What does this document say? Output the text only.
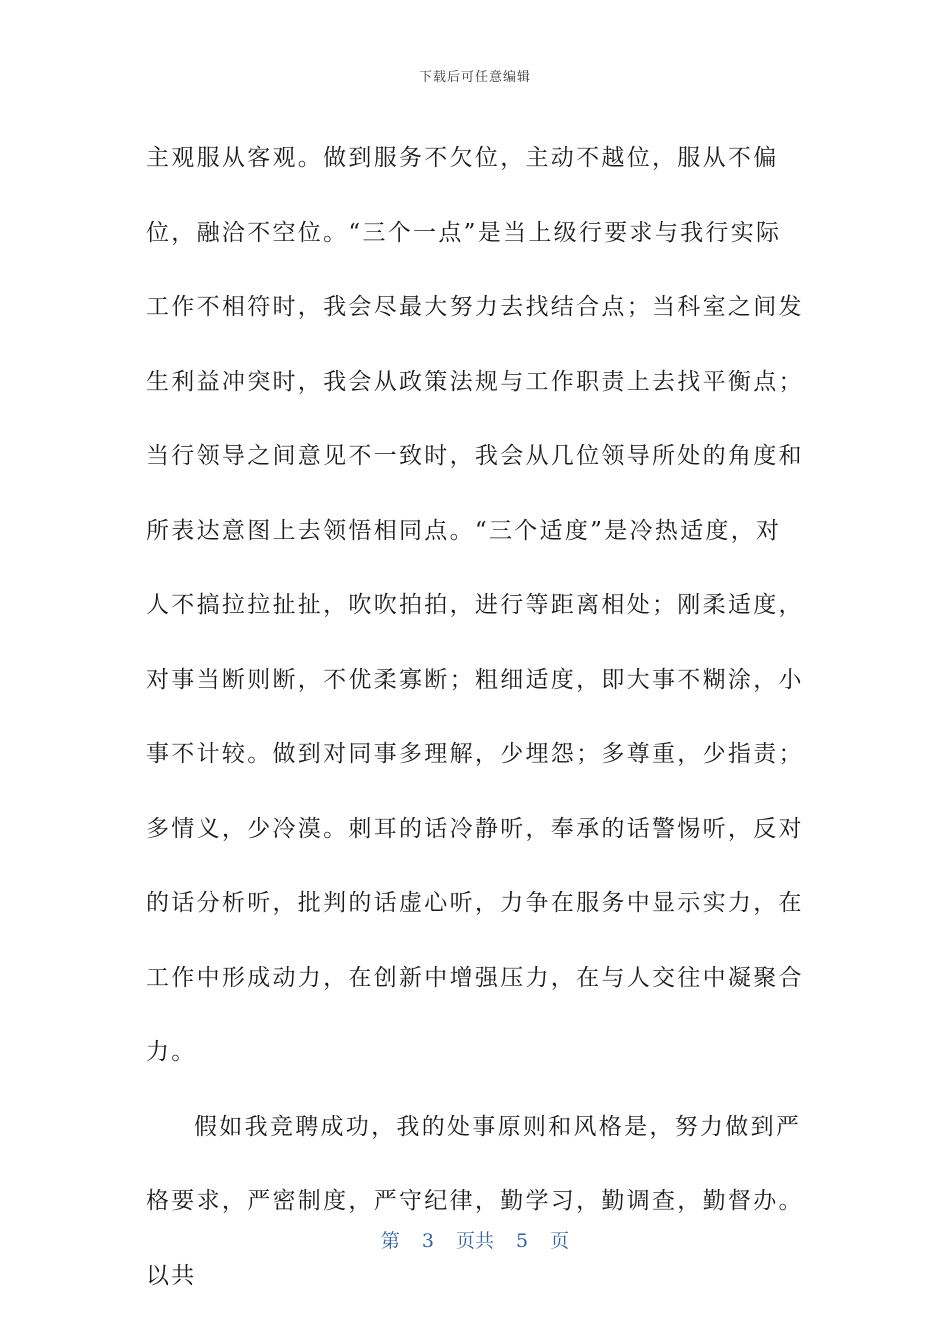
下载后可任意编辑

主观服从客观。做到服务不欠位，主动不越位，服从不偏位，融洽不空位。“三个一点”是当上级行要求与我行实际工作不相符时，我会尽最大努力去找结合点；当科室之间发生利益冲突时，我会从政策法规与工作职责上去找平衡点；当行领导之间意见不一致时，我会从几位领导所处的角度和所表达意图上去领悟相同点。“三个适度”是冷热适度，对人不搞拉拉扯扯，吹吹拍拍，进行等距离相处；刚柔适度，对事当断则断，不优柔寡断；粗细适度，即大事不糊涂，小事不计较。做到对同事多理解，少埋怨；多尊重，少指责；多情义，少冷漠。刺耳的话冷静听，奉承的话警惕听，反对的话分析听，批判的话虚心听，力争在服务中显示实力，在工作中形成动力，在创新中增强压力，在与人交往中凝聚合力。

假如我竞聘成功，我的处事原则和风格是，努力做到严格要求，严密制度，严守纪律，勤学习，勤调查，勤督办。以共

第 3 页共 5 页
